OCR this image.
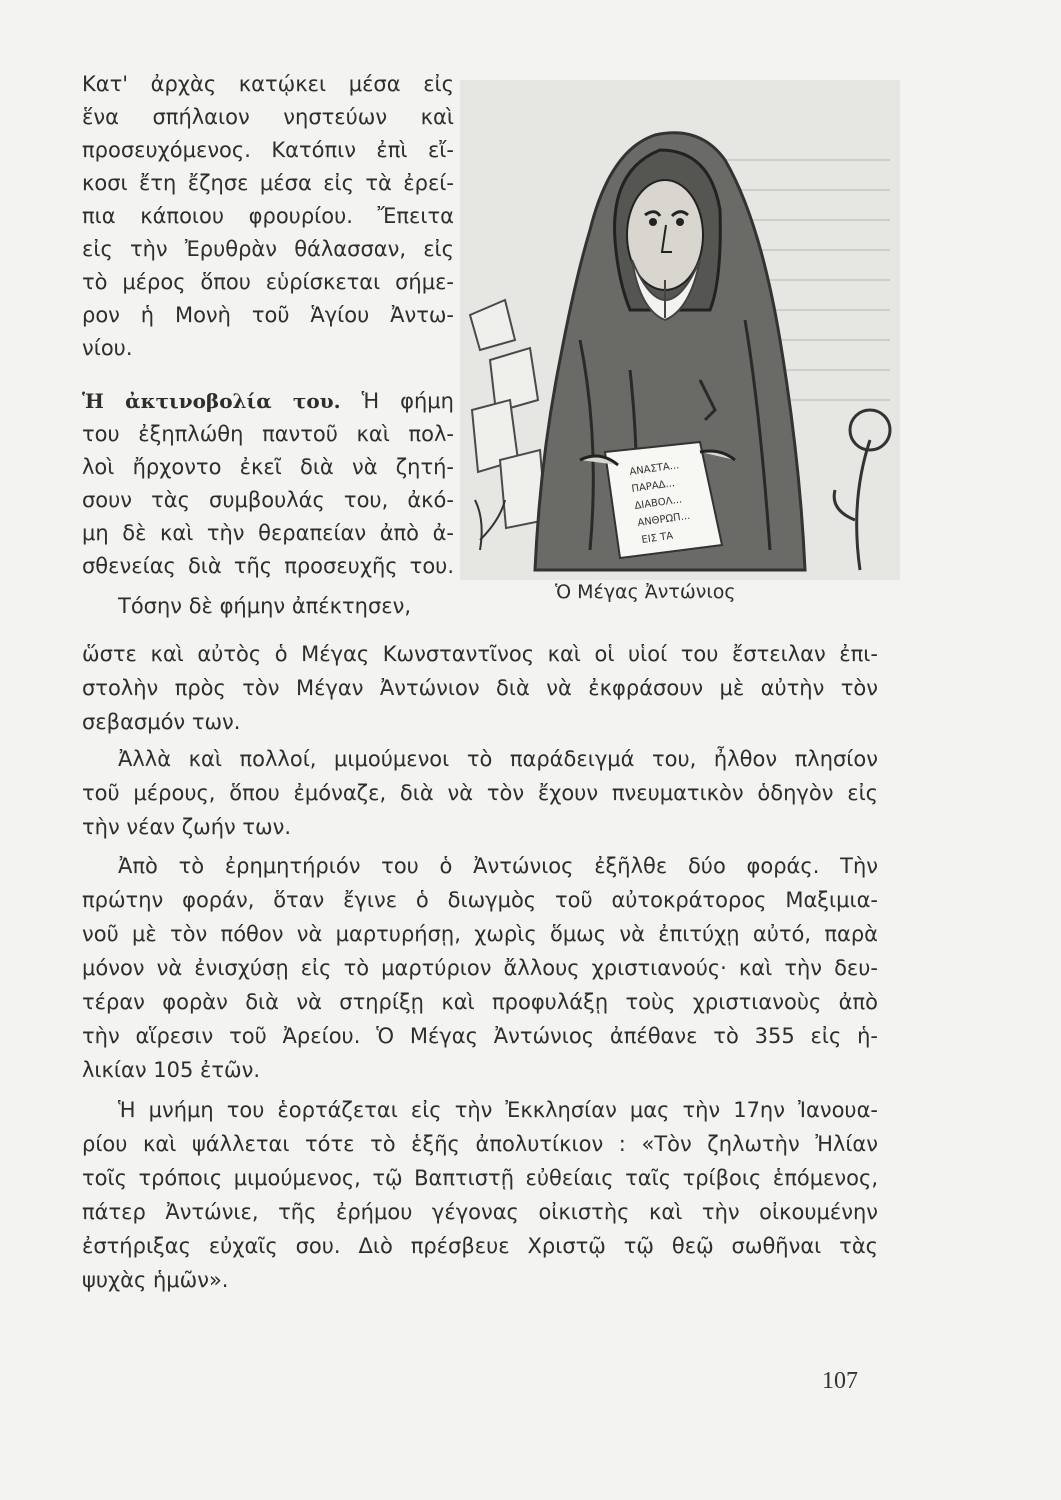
Κατ' ἀρχὰς κατῴκει μέσα εἰς
ἕνα σπήλαιον νηστεύων καὶ
προσευχόμενος. Κατόπιν ἐπὶ εἴ-
κοσι ἔτη ἔζησε μέσα εἰς τὰ ἐρεί-
πια κάποιου φρουρίου. Ἔπειτα
εἰς τὴν Ἐρυθρὰν θάλασσαν, εἰς
τὸ μέρος ὅπου εὑρίσκεται σήμε-
ρον ἡ Μονὴ τοῦ Ἁγίου Ἀντω-
νίου.
Ἡ ἀκτινοβολία του. Ἡ φήμη
του ἐξηπλώθη παντοῦ καὶ πολ-
λοὶ ἤρχοντο ἐκεῖ διὰ νὰ ζητή-
σουν τὰς συμβουλάς του, ἀκό-
μη δὲ καὶ τὴν θεραπείαν ἀπὸ ἀ-
σθενείας διὰ τῆς προσευχῆς του.
Τόσην δὲ φήμην ἀπέκτησεν,
ΑΝΑΣΤΑ...
ΠΑΡΑΔ...
ΔΙΑΒΟΛ...
ΑΝΘΡΩΠ...
ΕΙΣ ΤΑ
Ὁ Μέγας Ἀντώνιος
ὥστε καὶ αὐτὸς ὁ Μέγας Κωνσταντῖνος καὶ οἱ υἱοί του ἔστειλαν ἐπι-
στολὴν πρὸς τὸν Μέγαν Ἀντώνιον διὰ νὰ ἐκφράσουν μὲ αὐτὴν τὸν
σεβασμόν των.
Ἀλλὰ καὶ πολλοί, μιμούμενοι τὸ παράδειγμά του, ἦλθον πλησίον
τοῦ μέρους, ὅπου ἐμόναζε, διὰ νὰ τὸν ἔχουν πνευματικὸν ὁδηγὸν εἰς
τὴν νέαν ζωήν των.
Ἀπὸ τὸ ἐρημητήριόν του ὁ Ἀντώνιος ἐξῆλθε δύο φοράς. Τὴν
πρώτην φοράν, ὅταν ἔγινε ὁ διωγμὸς τοῦ αὐτοκράτορος Μαξιμια-
νοῦ μὲ τὸν πόθον νὰ μαρτυρήσῃ, χωρὶς ὅμως νὰ ἐπιτύχῃ αὐτό, παρὰ
μόνον νὰ ἐνισχύσῃ εἰς τὸ μαρτύριον ἄλλους χριστιανούς· καὶ τὴν δευ-
τέραν φορὰν διὰ νὰ στηρίξῃ καὶ προφυλάξῃ τοὺς χριστιανοὺς ἀπὸ
τὴν αἵρεσιν τοῦ Ἀρείου. Ὁ Μέγας Ἀντώνιος ἀπέθανε τὸ 355 εἰς ἡ-
λικίαν 105 ἐτῶν.
Ἡ μνήμη του ἑορτάζεται εἰς τὴν Ἐκκλησίαν μας τὴν 17ην Ἰανουα-
ρίου καὶ ψάλλεται τότε τὸ ἑξῆς ἀπολυτίκιον : «Τὸν ζηλωτὴν Ἠλίαν
τοῖς τρόποις μιμούμενος, τῷ Βαπτιστῇ εὐθείαις ταῖς τρίβοις ἑπόμενος,
πάτερ Ἀντώνιε, τῆς ἐρήμου γέγονας οἰκιστὴς καὶ τὴν οἰκουμένην
ἐστήριξας εὐχαῖς σου. Διὸ πρέσβευε Χριστῷ τῷ θεῷ σωθῆναι τὰς
ψυχὰς ἡμῶν».
107
